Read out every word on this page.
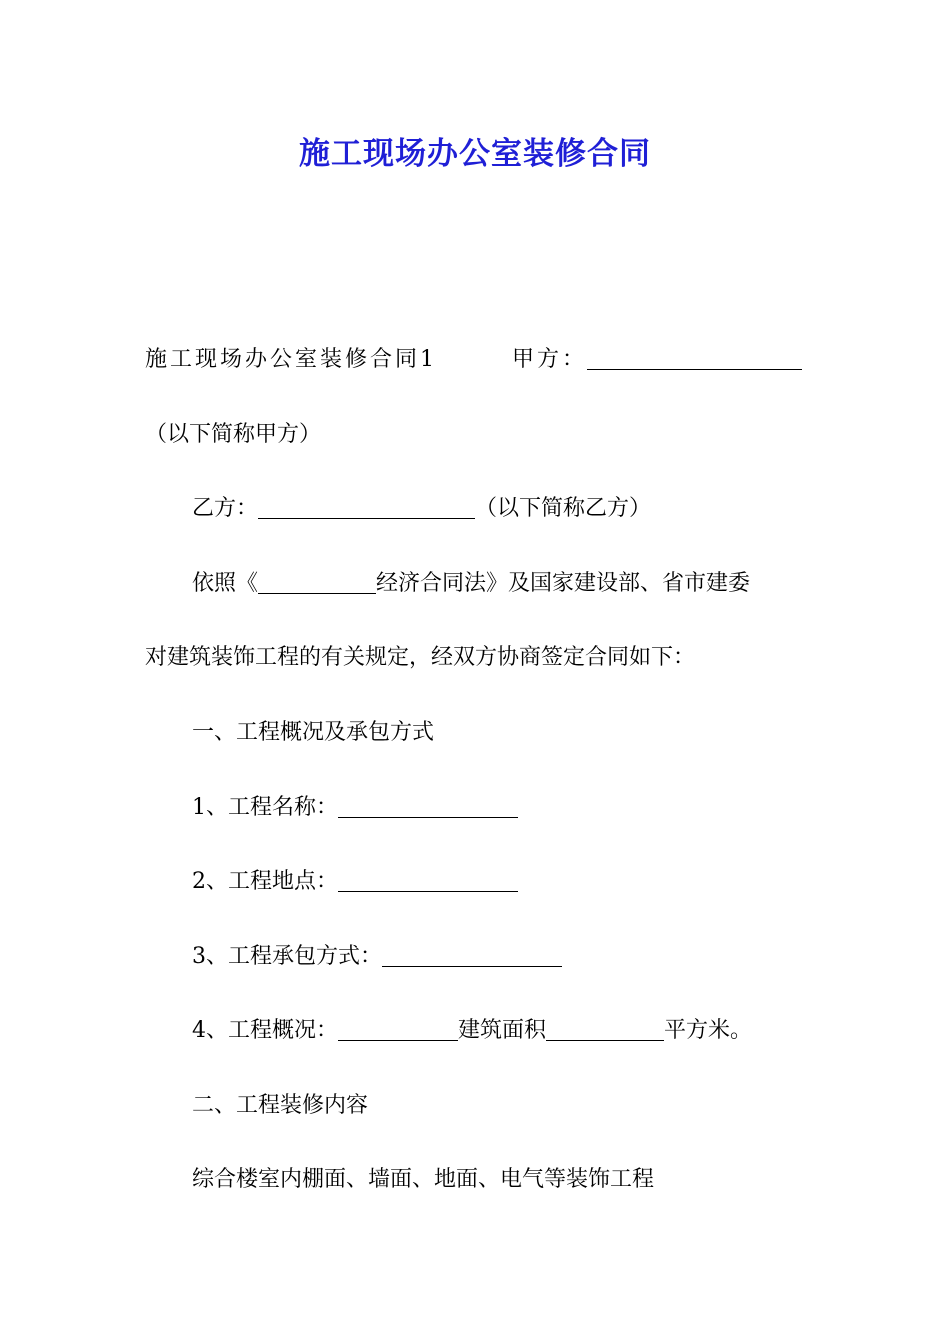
施工现场办公室装修合同
施工现场办公室装修合同1	甲方：
（以下简称甲方）
乙方：	（以下简称乙方）
依照《	经济合同法》及国家建设部、省市建委
对建筑装饰工程的有关规定，经双方协商签定合同如下：
一、工程概况及承包方式
1、工程名称：
2、工程地点：
3、工程承包方式：
4、工程概况：	建筑面积	平方米。
二、工程装修内容
综合楼室内棚面、墙面、地面、电气等装饰工程
